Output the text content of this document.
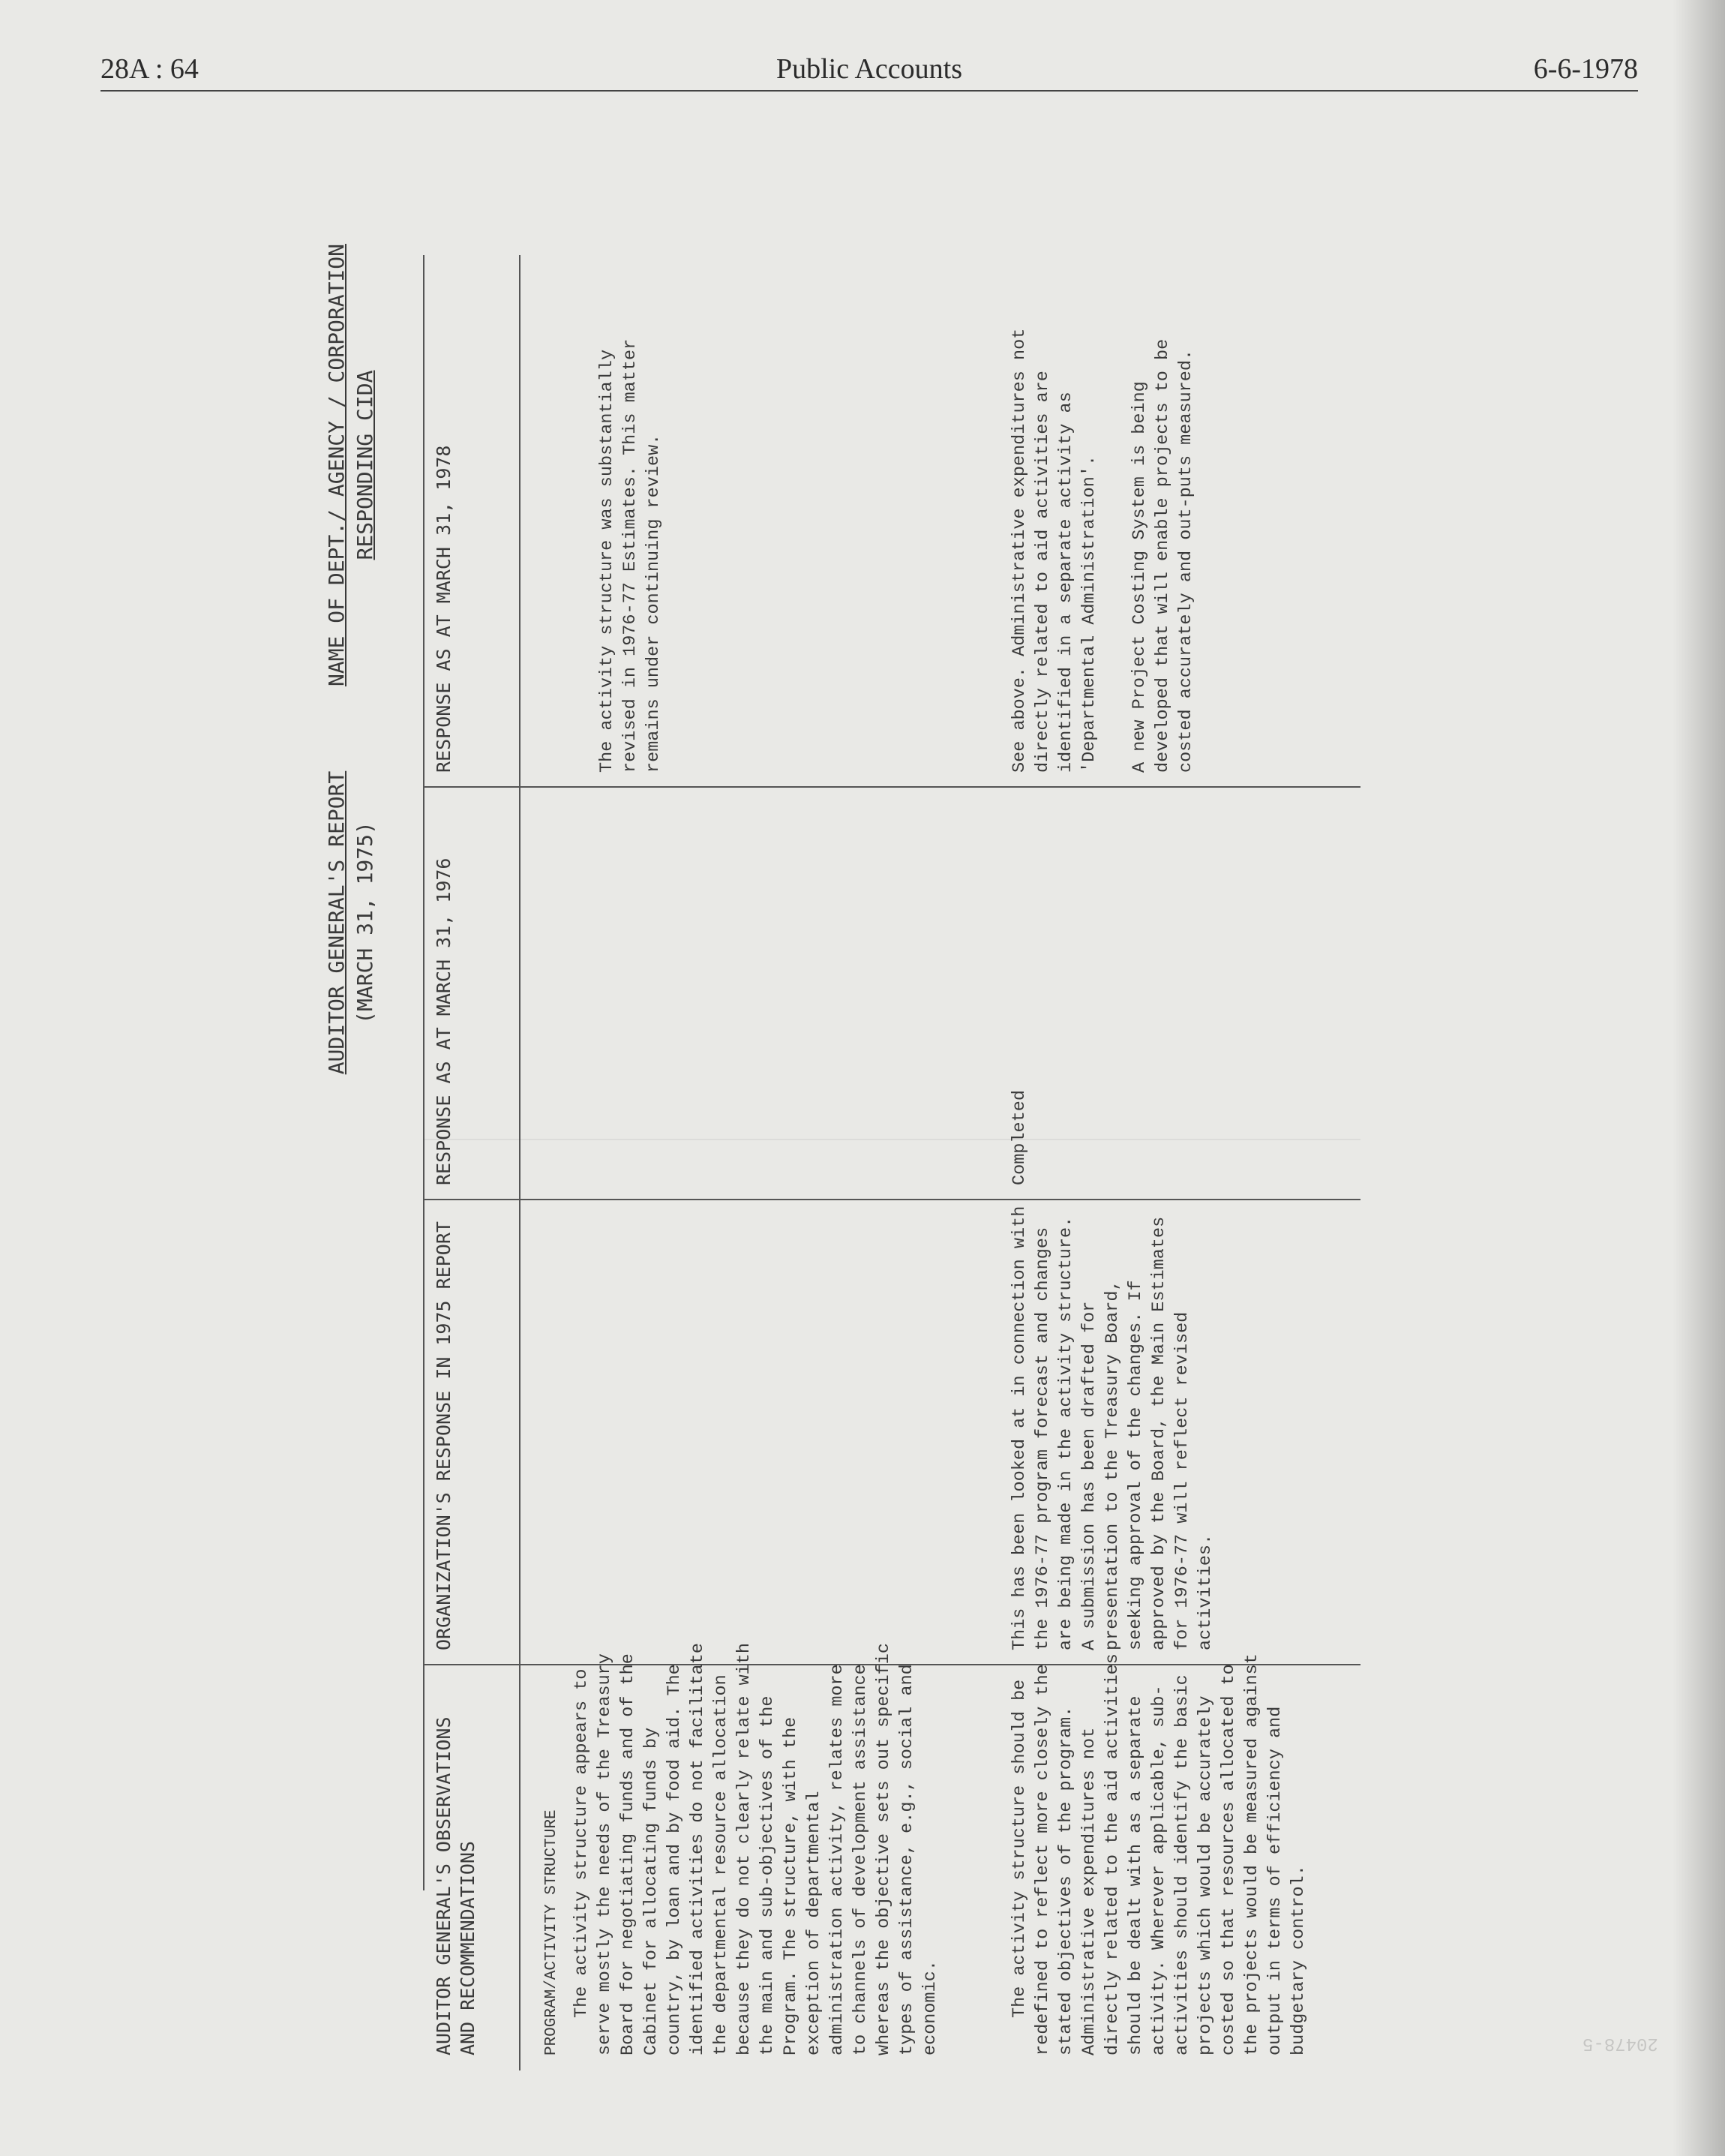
28A : 64	Public Accounts	6-6-1978
AUDITOR GENERAL'S REPORT (MARCH 31, 1975)
NAME OF DEPT./ AGENCY / CORPORATION RESPONDING CIDA
AUDITOR GENERAL'S OBSERVATIONS AND RECOMMENDATIONS
ORGANIZATION'S RESPONSE IN 1975 REPORT
RESPONSE AS AT MARCH 31, 1976
RESPONSE AS AT MARCH 31, 1978
PROGRAM/ACTIVITY STRUCTURE The activity structure appears to serve mostly the needs of the Treasury Board for negotiating funds and of the Cabinet for allocating funds by country, by loan and by food aid. The identified activities do not facilitate the departmental resource allocation because they do not clearly relate with the main and sub-objectives of the Program. The structure, with the exception of departmental administration activity, relates more to channels of development assistance whereas the objective sets out specific types of assistance, e.g., social and economic.
The activity structure was substantially revised in 1976-77 Estimates. This matter remains under continuing review.
The activity structure should be redefined to reflect more closely the stated objectives of the program. Administrative expenditures not directly related to the aid activities should be dealt with as a separate activity. Wherever applicable, sub-activities should identify the basic projects which would be accurately costed so that resources allocated to the projects would be measured against output in terms of efficiency and budgetary control.
This has been looked at in connection with the 1976-77 program forecast and changes are being made in the activity structure. A submission has been drafted for presentation to the Treasury Board, seeking approval of the changes. If approved by the Board, the Main Estimates for 1976-77 will reflect revised activities.
Completed
See above. Administrative expenditures not directly related to aid activities are identified in a separate activity as 'Departmental Administration'. A new Project Costing System is being developed that will enable projects to be costed accurately and out-puts measured.
20478-5
